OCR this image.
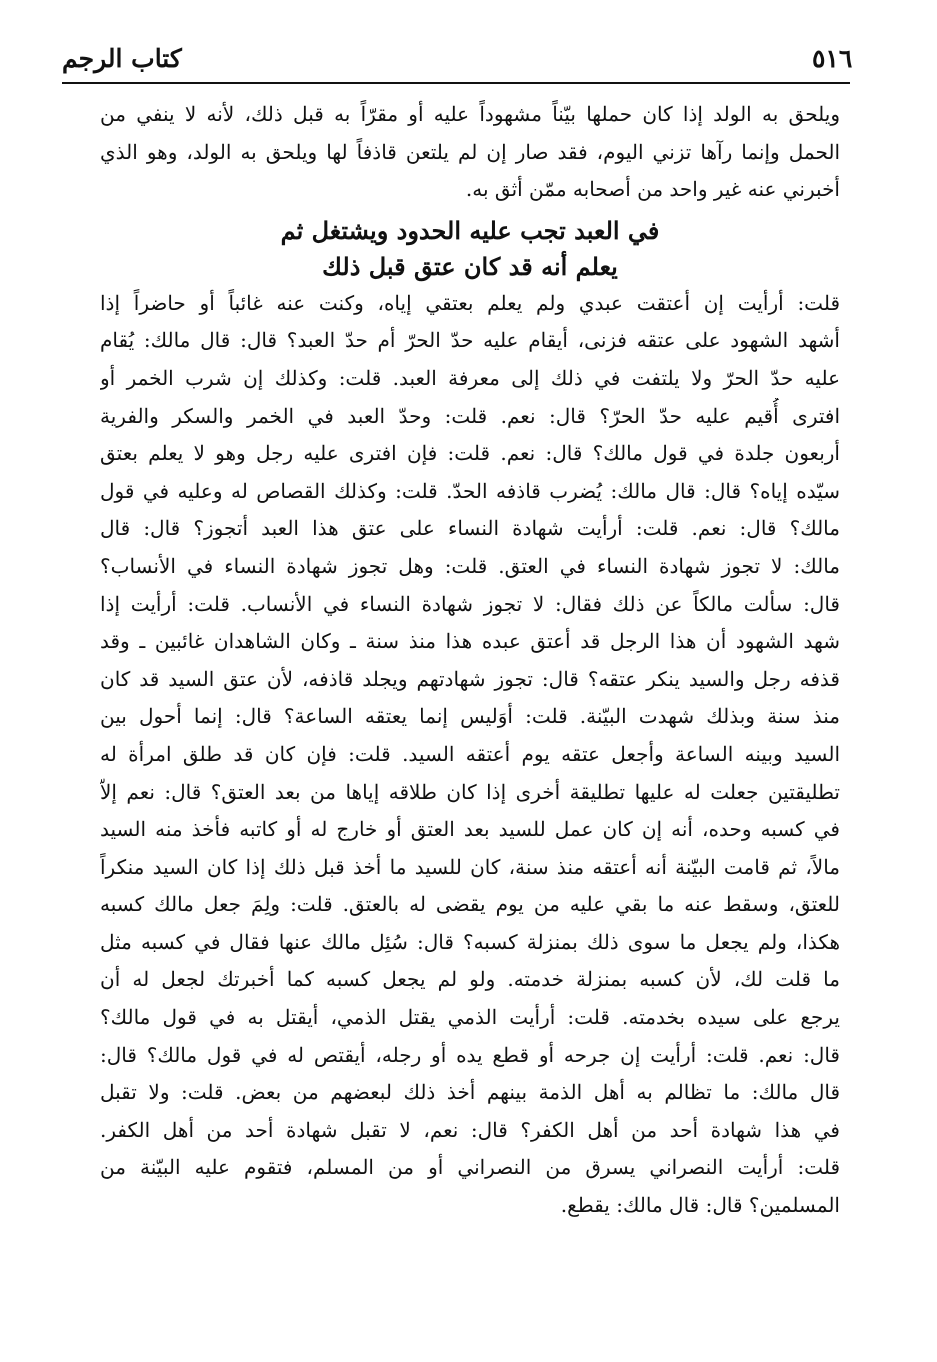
كتاب الرجم	٥١٦
ويلحق به الولد إذا كان حملها بيّناً مشهوداً عليه أو مقرّاً به قبل ذلك، لأنه لا ينفي من
الحمل وإنما رآها تزني اليوم، فقد صار إن لم يلتعن قاذفاً لها ويلحق به الولد، وهو الذي
أخبرني عنه غير واحد من أصحابه ممّن أثق به.
في العبد تجب عليه الحدود ويشتغل ثم
يعلم أنه قد كان عتق قبل ذلك
قلت: أرأيت إن أعتقت عبدي ولم يعلم بعتقي إياه، وكنت عنه غائباً أو حاضراً إذا
أشهد الشهود على عتقه فزنى، أيقام عليه حدّ الحرّ أم حدّ العبد؟ قال: قال مالك: يُقام
عليه حدّ الحرّ ولا يلتفت في ذلك إلى معرفة العبد. قلت: وكذلك إن شرب الخمر أو
افترى أُقيم عليه حدّ الحرّ؟ قال: نعم. قلت: وحدّ العبد في الخمر والسكر والفرية
أربعون جلدة في قول مالك؟ قال: نعم. قلت: فإن افترى عليه رجل وهو لا يعلم بعتق
سيّده إياه؟ قال: قال مالك: يُضرب قاذفه الحدّ. قلت: وكذلك القصاص له وعليه في قول
مالك؟ قال: نعم. قلت: أرأيت شهادة النساء على عتق هذا العبد أتجوز؟ قال: قال
مالك: لا تجوز شهادة النساء في العتق. قلت: وهل تجوز شهادة النساء في الأنساب؟
قال: سألت مالكاً عن ذلك فقال: لا تجوز شهادة النساء في الأنساب. قلت: أرأيت إذا
شهد الشهود أن هذا الرجل قد أعتق عبده هذا منذ سنة ـ وكان الشاهدان غائبين ـ وقد
قذفه رجل والسيد ينكر عتقه؟ قال: تجوز شهادتهم ويجلد قاذفه، لأن عتق السيد قد كان
منذ سنة وبذلك شهدت البيّنة. قلت: أوَليس إنما يعتقه الساعة؟ قال: إنما أحول بين
السيد وبينه الساعة وأجعل عتقه يوم أعتقه السيد. قلت: فإن كان قد طلق امرأة له
تطليقتين جعلت له عليها تطليقة أخرى إذا كان طلاقه إياها من بعد العتق؟ قال: نعم إلاّ
في كسبه وحده، أنه إن كان عمل للسيد بعد العتق أو خارج له أو كاتبه فأخذ منه السيد
مالاً، ثم قامت البيّنة أنه أعتقه منذ سنة، كان للسيد ما أخذ قبل ذلك إذا كان السيد منكراً
للعتق، وسقط عنه ما بقي عليه من يوم يقضى له بالعتق. قلت: ولِمَ جعل مالك كسبه
هكذا، ولم يجعل ما سوى ذلك بمنزلة كسبه؟ قال: سُئِل مالك عنها فقال في كسبه مثل
ما قلت لك، لأن كسبه بمنزلة خدمته. ولو لم يجعل كسبه كما أخبرتك لجعل له أن
يرجع على سيده بخدمته. قلت: أرأيت الذمي يقتل الذمي، أيقتل به في قول مالك؟
قال: نعم. قلت: أرأيت إن جرحه أو قطع يده أو رجله، أيقتص له في قول مالك؟ قال:
قال مالك: ما تظالم به أهل الذمة بينهم أخذ ذلك لبعضهم من بعض. قلت: ولا تقبل
في هذا شهادة أحد من أهل الكفر؟ قال: نعم، لا تقبل شهادة أحد من أهل الكفر.
قلت: أرأيت النصراني يسرق من النصراني أو من المسلم، فتقوم عليه البيّنة من
المسلمين؟ قال: قال مالك: يقطع.
